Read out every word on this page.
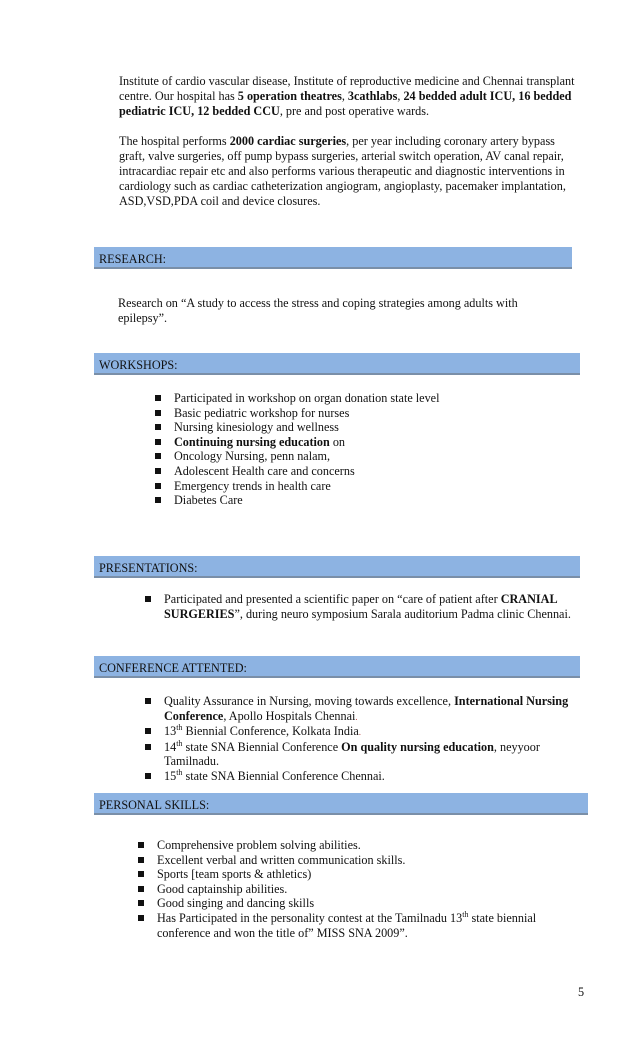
Institute of cardio vascular disease, Institute of reproductive medicine and Chennai transplant centre. Our hospital has 5 operation theatres, 3cathlabs, 24 bedded adult ICU, 16 bedded pediatric ICU, 12 bedded CCU, pre and post operative wards.
The hospital performs 2000 cardiac surgeries, per year including coronary artery bypass graft, valve surgeries, off pump bypass surgeries, arterial switch operation, AV canal repair, intracardiac repair etc and also performs various therapeutic and diagnostic interventions in cardiology such as cardiac catheterization angiogram, angioplasty, pacemaker implantation, ASD,VSD,PDA coil and device closures.
RESEARCH:
Research on “A study to access the stress and coping strategies among adults with epilepsy”.
WORKSHOPS:
Participated in workshop on organ donation state level
Basic pediatric workshop for nurses
Nursing kinesiology and wellness
Continuing nursing education on
Oncology Nursing, penn nalam,
Adolescent Health care and concerns
Emergency trends in health care
Diabetes Care
PRESENTATIONS:
Participated and presented a scientific paper on “care of patient after CRANIAL SURGERIES”, during neuro symposium Sarala auditorium Padma clinic Chennai.
CONFERENCE ATTENTED:
Quality Assurance in Nursing, moving towards excellence, International Nursing Conference, Apollo Hospitals Chennai.
13th Biennial Conference, Kolkata India.
14th state SNA Biennial Conference On quality nursing education, neyyoor Tamilnadu.
15th state SNA Biennial Conference Chennai.
PERSONAL SKILLS:
Comprehensive problem solving abilities.
Excellent verbal and written communication skills.
Sports [team sports & athletics)
Good captainship abilities.
Good singing and dancing skills
Has Participated in the personality contest at the Tamilnadu 13th state biennial conference and won the title of” MISS SNA 2009”.
5
